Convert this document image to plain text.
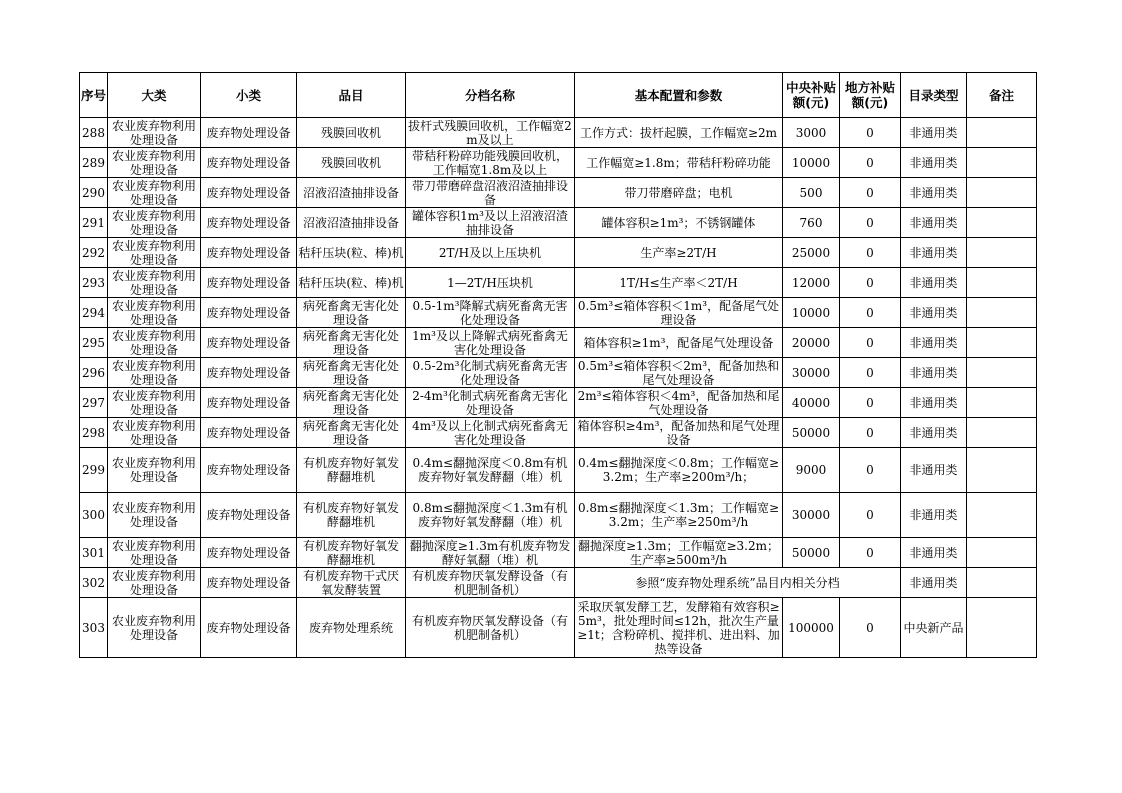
序号	大类	小类	品目	分档名称	基本配置和参数	中央补贴额(元)	地方补贴额(元)	目录类型	备注

288	农业废弃物利用处理设备	废弃物处理设备	残膜回收机	拔杆式残膜回收机，工作幅宽2m及以上	工作方式：拔杆起膜，工作幅宽≥2m	3000	0	非通用类	

289	农业废弃物利用处理设备	废弃物处理设备	残膜回收机	带秸秆粉碎功能残膜回收机，工作幅宽1.8m及以上	工作幅宽≥1.8m；带秸秆粉碎功能	10000	0	非通用类	

290	农业废弃物利用处理设备	废弃物处理设备	沼液沼渣抽排设备	带刀带磨碎盘沼液沼渣抽排设备	带刀带磨碎盘；电机	500	0	非通用类	

291	农业废弃物利用处理设备	废弃物处理设备	沼液沼渣抽排设备	罐体容积1m³及以上沼液沼渣抽排设备	罐体容积≥1m³；不锈钢罐体	760	0	非通用类	

292	农业废弃物利用处理设备	废弃物处理设备	秸秆压块(粒、棒)机	2T/H及以上压块机	生产率≥2T/H	25000	0	非通用类	

293	农业废弃物利用处理设备	废弃物处理设备	秸秆压块(粒、棒)机	1—2T/H压块机	1T/H≤生产率＜2T/H	12000	0	非通用类	

294	农业废弃物利用处理设备	废弃物处理设备	病死畜禽无害化处理设备	0.5-1m³降解式病死畜禽无害化处理设备	0.5m³≤箱体容积＜1m³，配备尾气处理设备	10000	0	非通用类	

295	农业废弃物利用处理设备	废弃物处理设备	病死畜禽无害化处理设备	1m³及以上降解式病死畜禽无害化处理设备	箱体容积≥1m³，配备尾气处理设备	20000	0	非通用类	

296	农业废弃物利用处理设备	废弃物处理设备	病死畜禽无害化处理设备	0.5-2m³化制式病死畜禽无害化处理设备	0.5m³≤箱体容积＜2m³，配备加热和尾气处理设备	30000	0	非通用类	

297	农业废弃物利用处理设备	废弃物处理设备	病死畜禽无害化处理设备	2-4m³化制式病死畜禽无害化处理设备	2m³≤箱体容积＜4m³，配备加热和尾气处理设备	40000	0	非通用类	

298	农业废弃物利用处理设备	废弃物处理设备	病死畜禽无害化处理设备	4m³及以上化制式病死畜禽无害化处理设备	箱体容积≥4m³，配备加热和尾气处理设备	50000	0	非通用类	

299	农业废弃物利用处理设备	废弃物处理设备	有机废弃物好氧发酵翻堆机	0.4m≤翻抛深度＜0.8m有机废弃物好氧发酵翻（堆）机	0.4m≤翻抛深度＜0.8m；工作幅宽≥3.2m；生产率≥200m³/h；	9000	0	非通用类	

300	农业废弃物利用处理设备	废弃物处理设备	有机废弃物好氧发酵翻堆机	0.8m≤翻抛深度＜1.3m有机废弃物好氧发酵翻（堆）机	0.8m≤翻抛深度＜1.3m；工作幅宽≥3.2m；生产率≥250m³/h	30000	0	非通用类	

301	农业废弃物利用处理设备	废弃物处理设备	有机废弃物好氧发酵翻堆机	翻抛深度≥1.3m有机废弃物发酵好氧翻（堆）机	翻抛深度≥1.3m；工作幅宽≥3.2m；生产率≥500m³/h	50000	0	非通用类	

302	农业废弃物利用处理设备	废弃物处理设备	有机废弃物干式厌氧发酵装置	有机废弃物厌氧发酵设备（有机肥制备机）	参照“废弃物处理系统”品目内相关分档			非通用类	

303	农业废弃物利用处理设备	废弃物处理设备	废弃物处理系统	有机废弃物厌氧发酵设备（有机肥制备机）	采取厌氧发酵工艺，发酵箱有效容积≥5m³，批处理时间≤12h，批次生产量≥1t；含粉碎机、搅拌机、进出料、加热等设备	100000	0	中央新产品	
